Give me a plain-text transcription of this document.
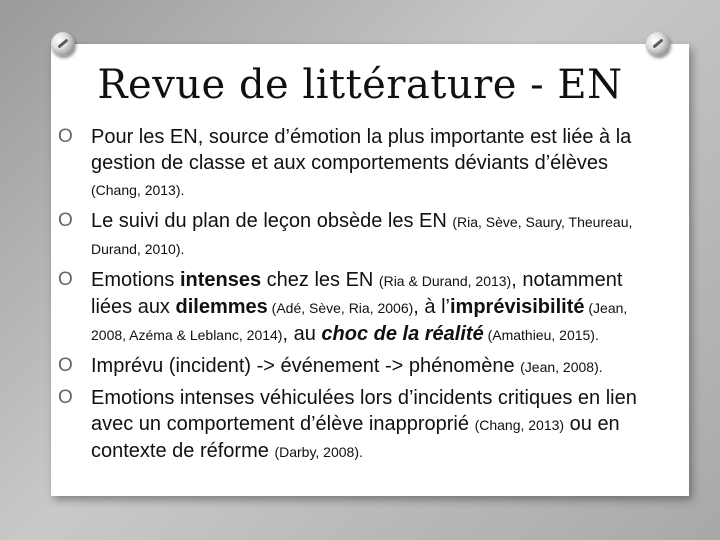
Revue de littérature - EN
O Pour les EN, source d’émotion la plus importante est liée à la gestion de classe et aux comportements déviants d’élèves (Chang, 2013).
O Le suivi du plan de leçon obsède les EN (Ria, Sève, Saury, Theureau, Durand, 2010).
O Emotions intenses chez les EN (Ria & Durand, 2013), notamment liées aux dilemmes (Adé, Sève, Ria, 2006), à l’imprévisibilité (Jean, 2008, Azéma & Leblanc, 2014), au choc de la réalité (Amathieu, 2015).
O Imprévu (incident) -> événement -> phénomène (Jean, 2008).
O Emotions intenses véhiculées lors d’incidents critiques en lien avec un comportement d’élève inapproprié (Chang, 2013) ou en contexte de réforme (Darby, 2008).
